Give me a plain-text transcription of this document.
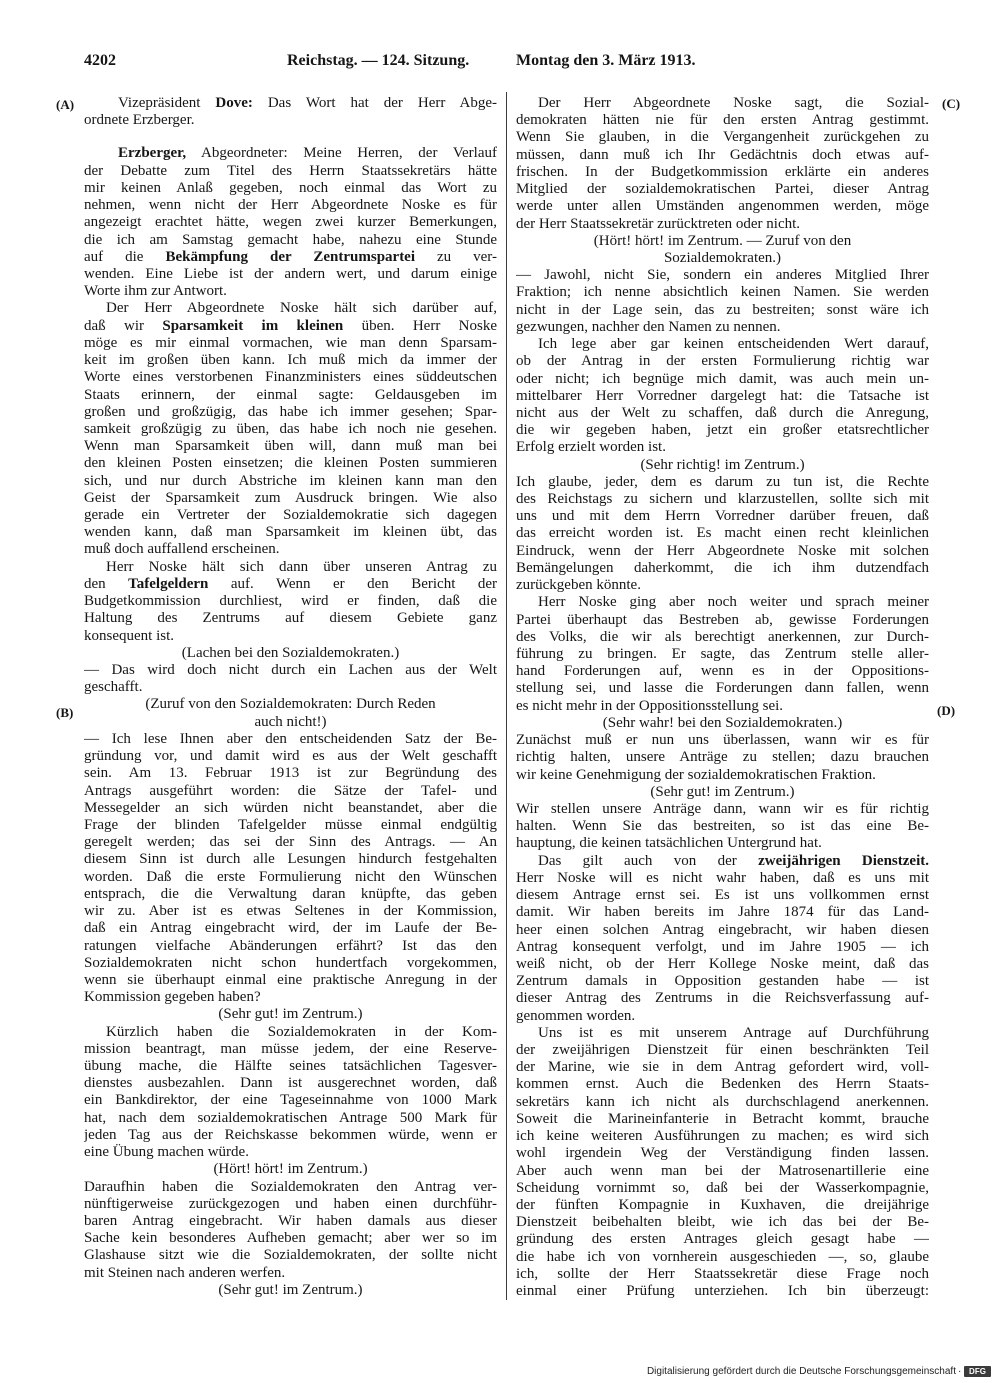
4202	Reichstag. — 124. Sitzung.	Montag den 3. März 1913.
(A)	(C)
(B)	(D)
Vizepräsident Dove: Das Wort hat der Herr Abge-
ordnete Erzberger.
Erzberger, Abgeordneter: Meine Herren, der Verlauf
der Debatte zum Titel des Herrn Staatssekretärs hätte
mir keinen Anlaß gegeben, noch einmal das Wort zu
nehmen, wenn nicht der Herr Abgeordnete Noske es für
angezeigt erachtet hätte, wegen zwei kurzer Bemerkungen,
die ich am Samstag gemacht habe, nahezu eine Stunde
auf die Bekämpfung der Zentrumspartei zu ver-
wenden. Eine Liebe ist der andern wert, und darum einige
Worte ihm zur Antwort.
Der Herr Abgeordnete Noske hält sich darüber auf,
daß wir Sparsamkeit im kleinen üben. Herr Noske
möge es mir einmal vormachen, wie man denn Sparsam-
keit im großen üben kann. Ich muß mich da immer der
Worte eines verstorbenen Finanzministers eines süddeutschen
Staats erinnern, der einmal sagte: Geldausgeben im
großen und großzügig, das habe ich immer gesehen; Spar-
samkeit großzügig zu üben, das habe ich noch nie gesehen.
Wenn man Sparsamkeit üben will, dann muß man bei
den kleinen Posten einsetzen; die kleinen Posten summieren
sich, und nur durch Abstriche im kleinen kann man den
Geist der Sparsamkeit zum Ausdruck bringen. Wie also
gerade ein Vertreter der Sozialdemokratie sich dagegen
wenden kann, daß man Sparsamkeit im kleinen übt, das
muß doch auffallend erscheinen.
Herr Noske hält sich dann über unseren Antrag zu
den Tafelgeldern auf. Wenn er den Bericht der
Budgetkommission durchliest, wird er finden, daß die
Haltung des Zentrums auf diesem Gebiete ganz
konsequent ist.
(Lachen bei den Sozialdemokraten.)
— Das wird doch nicht durch ein Lachen aus der Welt
geschafft.
(Zuruf von den Sozialdemokraten: Durch Reden
auch nicht!)
— Ich lese Ihnen aber den entscheidenden Satz der Be-
gründung vor, und damit wird es aus der Welt geschafft
sein. Am 13. Februar 1913 ist zur Begründung des
Antrags ausgeführt worden: die Sätze der Tafel- und
Messegelder an sich würden nicht beanstandet, aber die
Frage der blinden Tafelgelder müsse einmal endgültig
geregelt werden; das sei der Sinn des Antrags. — An
diesem Sinn ist durch alle Lesungen hindurch festgehalten
worden. Daß die erste Formulierung nicht den Wünschen
entsprach, die die Verwaltung daran knüpfte, das geben
wir zu. Aber ist es etwas Seltenes in der Kommission,
daß ein Antrag eingebracht wird, der im Laufe der Be-
ratungen vielfache Abänderungen erfährt? Ist das den
Sozialdemokraten nicht schon hundertfach vorgekommen,
wenn sie überhaupt einmal eine praktische Anregung in der
Kommission gegeben haben?
(Sehr gut! im Zentrum.)
Kürzlich haben die Sozialdemokraten in der Kom-
mission beantragt, man müsse jedem, der eine Reserve-
übung mache, die Hälfte seines tatsächlichen Tagesver-
dienstes ausbezahlen. Dann ist ausgerechnet worden, daß
ein Bankdirektor, der eine Tageseinnahme von 1000 Mark
hat, nach dem sozialdemokratischen Antrage 500 Mark für
jeden Tag aus der Reichskasse bekommen würde, wenn er
eine Übung machen würde.
(Hört! hört! im Zentrum.)
Daraufhin haben die Sozialdemokraten den Antrag ver-
nünftigerweise zurückgezogen und haben einen durchführ-
baren Antrag eingebracht. Wir haben damals aus dieser
Sache kein besonderes Aufheben gemacht; aber wer so im
Glashause sitzt wie die Sozialdemokraten, der sollte nicht
mit Steinen nach anderen werfen.
(Sehr gut! im Zentrum.)
Der Herr Abgeordnete Noske sagt, die Sozial-
demokraten hätten nie für den ersten Antrag gestimmt.
Wenn Sie glauben, in die Vergangenheit zurückgehen zu
müssen, dann muß ich Ihr Gedächtnis doch etwas auf-
frischen. In der Budgetkommission erklärte ein anderes
Mitglied der sozialdemokratischen Partei, dieser Antrag
werde unter allen Umständen angenommen werden, möge
der Herr Staatssekretär zurücktreten oder nicht.
(Hört! hört! im Zentrum. — Zuruf von den
Sozialdemokraten.)
— Jawohl, nicht Sie, sondern ein anderes Mitglied Ihrer
Fraktion; ich nenne absichtlich keinen Namen. Sie werden
nicht in der Lage sein, das zu bestreiten; sonst wäre ich
gezwungen, nachher den Namen zu nennen.
Ich lege aber gar keinen entscheidenden Wert darauf,
ob der Antrag in der ersten Formulierung richtig war
oder nicht; ich begnüge mich damit, was auch mein un-
mittelbarer Herr Vorredner dargelegt hat: die Tatsache ist
nicht aus der Welt zu schaffen, daß durch die Anregung,
die wir gegeben haben, jetzt ein großer etatsrechtlicher
Erfolg erzielt worden ist.
(Sehr richtig! im Zentrum.)
Ich glaube, jeder, dem es darum zu tun ist, die Rechte
des Reichstags zu sichern und klarzustellen, sollte sich mit
uns und mit dem Herrn Vorredner darüber freuen, daß
das erreicht worden ist. Es macht einen recht kleinlichen
Eindruck, wenn der Herr Abgeordnete Noske mit solchen
Bemängelungen daherkommt, die ich ihm dutzendfach
zurückgeben könnte.
Herr Noske ging aber noch weiter und sprach meiner
Partei überhaupt das Bestreben ab, gewisse Forderungen
des Volks, die wir als berechtigt anerkennen, zur Durch-
führung zu bringen. Er sagte, das Zentrum stelle aller-
hand Forderungen auf, wenn es in der Oppositions-
stellung sei, und lasse die Forderungen dann fallen, wenn
es nicht mehr in der Oppositionsstellung sei.
(Sehr wahr! bei den Sozialdemokraten.)
Zunächst muß er nun uns überlassen, wann wir es für
richtig halten, unsere Anträge zu stellen; dazu brauchen
wir keine Genehmigung der sozialdemokratischen Fraktion.
(Sehr gut! im Zentrum.)
Wir stellen unsere Anträge dann, wann wir es für richtig
halten. Wenn Sie das bestreiten, so ist das eine Be-
hauptung, die keinen tatsächlichen Untergrund hat.
Das gilt auch von der zweijährigen Dienstzeit.
Herr Noske will es nicht wahr haben, daß es uns mit
diesem Antrage ernst sei. Es ist uns vollkommen ernst
damit. Wir haben bereits im Jahre 1874 für das Land-
heer einen solchen Antrag eingebracht, wir haben diesen
Antrag konsequent verfolgt, und im Jahre 1905 — ich
weiß nicht, ob der Herr Kollege Noske meint, daß das
Zentrum damals in Opposition gestanden habe — ist
dieser Antrag des Zentrums in die Reichsverfassung auf-
genommen worden.
Uns ist es mit unserem Antrage auf Durchführung
der zweijährigen Dienstzeit für einen beschränkten Teil
der Marine, wie sie in dem Antrag gefordert wird, voll-
kommen ernst. Auch die Bedenken des Herrn Staats-
sekretärs kann ich nicht als durchschlagend anerkennen.
Soweit die Marineinfanterie in Betracht kommt, brauche
ich keine weiteren Ausführungen zu machen; es wird sich
wohl irgendein Weg der Verständigung finden lassen.
Aber auch wenn man bei der Matrosenartillerie eine
Scheidung vornimmt so, daß bei der Wasserkompagnie,
der fünften Kompagnie in Kuxhaven, die dreijährige
Dienstzeit beibehalten bleibt, wie ich das bei der Be-
gründung des ersten Antrages gleich gesagt habe —
die habe ich von vornherein ausgeschieden —, so, glaube
ich, sollte der Herr Staatssekretär diese Frage noch
einmal einer Prüfung unterziehen. Ich bin überzeugt:
Digitalisierung gefördert durch die Deutsche Forschungsgemeinschaft · DFG
